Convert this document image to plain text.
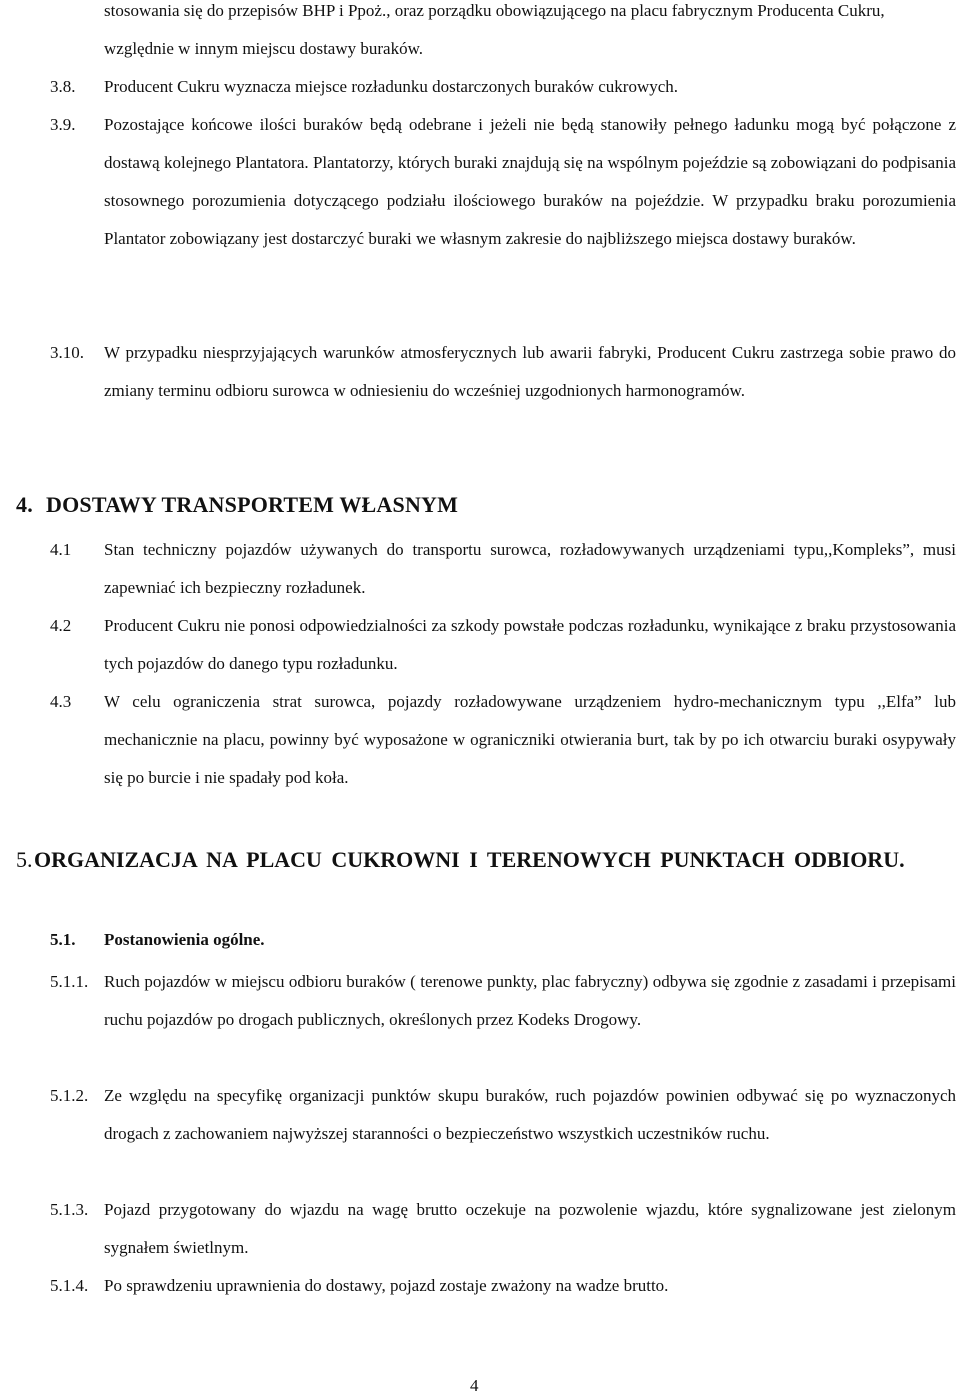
stosowania się do przepisów BHP i Ppoż., oraz porządku obowiązującego na placu fabrycznym Producenta Cukru, względnie w innym miejscu dostawy buraków.
3.8.	Producent Cukru wyznacza miejsce rozładunku dostarczonych buraków cukrowych.
3.9. Pozostające końcowe ilości buraków będą odebrane i jeżeli nie będą stanowiły pełnego ładunku mogą być połączone z dostawą kolejnego Plantatora. Plantatorzy, których buraki znajdują się na wspólnym pojeździe są zobowiązani do podpisania stosownego porozumienia dotyczącego podziału ilościowego buraków na pojeździe. W przypadku braku porozumienia Plantator zobowiązany jest dostarczyć buraki we własnym zakresie do najbliższego miejsca dostawy buraków.
3.10. W przypadku niesprzyjających warunków atmosferycznych lub awarii fabryki, Producent Cukru zastrzega sobie prawo do zmiany terminu odbioru surowca w odniesieniu do wcześniej uzgodnionych harmonogramów.
4. DOSTAWY TRANSPORTEM WŁASNYM
4.1 Stan techniczny pojazdów używanych do transportu surowca, rozładowywanych urządzeniami typu,,Kompleks”, musi zapewniać ich bezpieczny rozładunek.
4.2 Producent Cukru nie ponosi odpowiedzialności za szkody powstałe podczas rozładunku, wynikające z braku przystosowania tych pojazdów do danego typu rozładunku.
4.3 W celu ograniczenia strat surowca, pojazdy rozładowywane urządzeniem hydro-mechanicznym typu ,,Elfa” lub mechanicznie na placu, powinny być wyposażone w ograniczniki otwierania burt, tak by po ich otwarciu buraki osypywały się po burcie i nie spadały pod koła.
5.ORGANIZACJA NA PLACU CUKROWNI I TERENOWYCH PUNKTACH ODBIORU.
5.1. Postanowienia ogólne.
5.1.1. Ruch pojazdów w miejscu odbioru buraków ( terenowe punkty, plac fabryczny) odbywa się zgodnie z zasadami i przepisami ruchu pojazdów po drogach publicznych, określonych przez Kodeks Drogowy.
5.1.2. Ze względu na specyfikę organizacji punktów skupu buraków, ruch pojazdów powinien odbywać się po wyznaczonych drogach z zachowaniem najwyższej staranności o bezpieczeństwo wszystkich uczestników ruchu.
5.1.3. Pojazd przygotowany do wjazdu na wagę brutto oczekuje na pozwolenie wjazdu, które sygnalizowane jest zielonym sygnałem świetlnym.
5.1.4. Po sprawdzeniu uprawnienia do dostawy, pojazd zostaje zważony na wadze brutto.
4
